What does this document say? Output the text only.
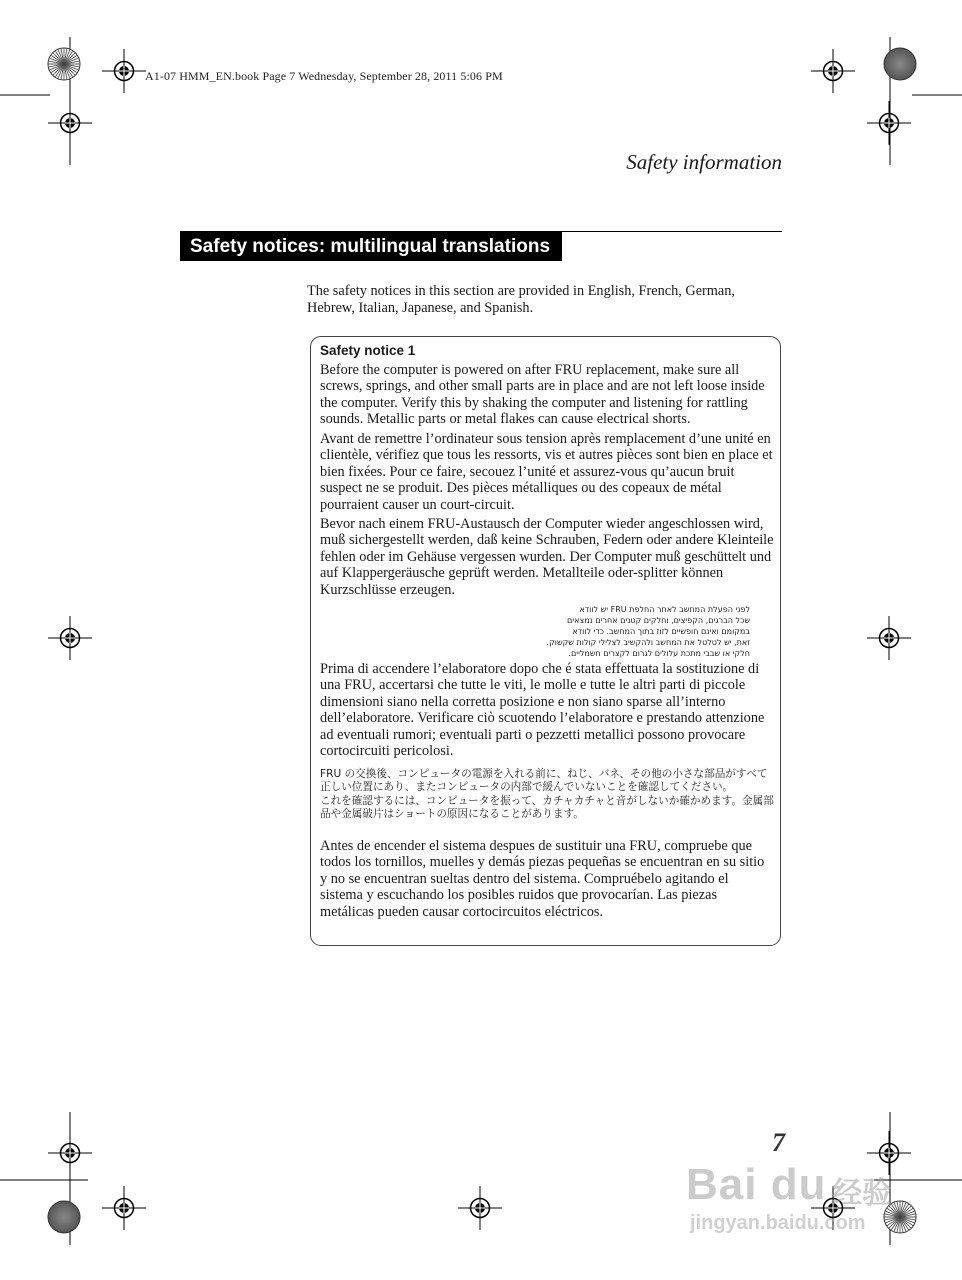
A1-07 HMM_EN.book Page 7 Wednesday, September 28, 2011 5:06 PM
Safety information
Safety notices: multilingual translations

The safety notices in this section are provided in English, French, German, Hebrew, Italian, Japanese, and Spanish.

Safety notice 1

Before the computer is powered on after FRU replacement, make sure all screws, springs, and other small parts are in place and are not left loose inside the computer. Verify this by shaking the computer and listening for rattling sounds. Metallic parts or metal flakes can cause electrical shorts.

Avant de remettre l’ordinateur sous tension après remplacement d’une unité en clientèle, vérifiez que tous les ressorts, vis et autres pièces sont bien en place et bien fixées. Pour ce faire, secouez l’unité et assurez-vous qu’aucun bruit suspect ne se produit. Des pièces métalliques ou des copeaux de métal pourraient causer un court-circuit.

Bevor nach einem FRU-Austausch der Computer wieder angeschlossen wird, muß sichergestellt werden, daß keine Schrauben, Federn oder andere Kleinteile fehlen oder im Gehäuse vergessen wurden. Der Computer muß geschüttelt und auf Klappergeräusche geprüft werden. Metallteile oder-splitter können Kurzschlüsse erzeugen.

לפני הפעלת המחשב לאחר החלפת FRU יש לוודא
שכל הברגים, הקפיצים, וחלקים קטנים אחרים נמצאים
במקומם ואינם חופשיים לזוז בתוך המחשב. כדי לוודא
זאת, יש לטלטל את המחשב ולהקשיב לצלילי קולות שקשוק.
חלקי או שבבי מתכת עלולים לגרום לקצרים חשמליים.

Prima di accendere l’elaboratore dopo che é stata effettuata la sostituzione di una FRU, accertarsi che tutte le viti, le molle e tutte le altri parti di piccole dimensioni siano nella corretta posizione e non siano sparse all’interno dell’elaboratore. Verificare ciò scuotendo l’elaboratore e prestando attenzione ad eventuali rumori; eventuali parti o pezzetti metallici possono provocare cortocircuiti pericolosi.

FRU の交換後、コンピュータの電源を入れる前に、ねじ、バネ、その他の小さな部品がすべて正しい位置にあり、またコンピュータの内部で緩んでいないことを確認してください。
これを確認するには、コンピュータを振って、カチャカチャと音がしないか確かめます。金属部品や金属破片はショートの原因になることがあります。

Antes de encender el sistema despues de sustituir una FRU, compruebe que todos los tornillos, muelles y demás piezas pequeñas se encuentran en su sitio y no se encuentran sueltas dentro del sistema. Compruébelo agitando el sistema y escuchando los posibles ruidos que provocarían. Las piezas metálicas pueden causar cortocircuitos eléctricos.

7
Bai du 经验
jingyan.baidu.com
